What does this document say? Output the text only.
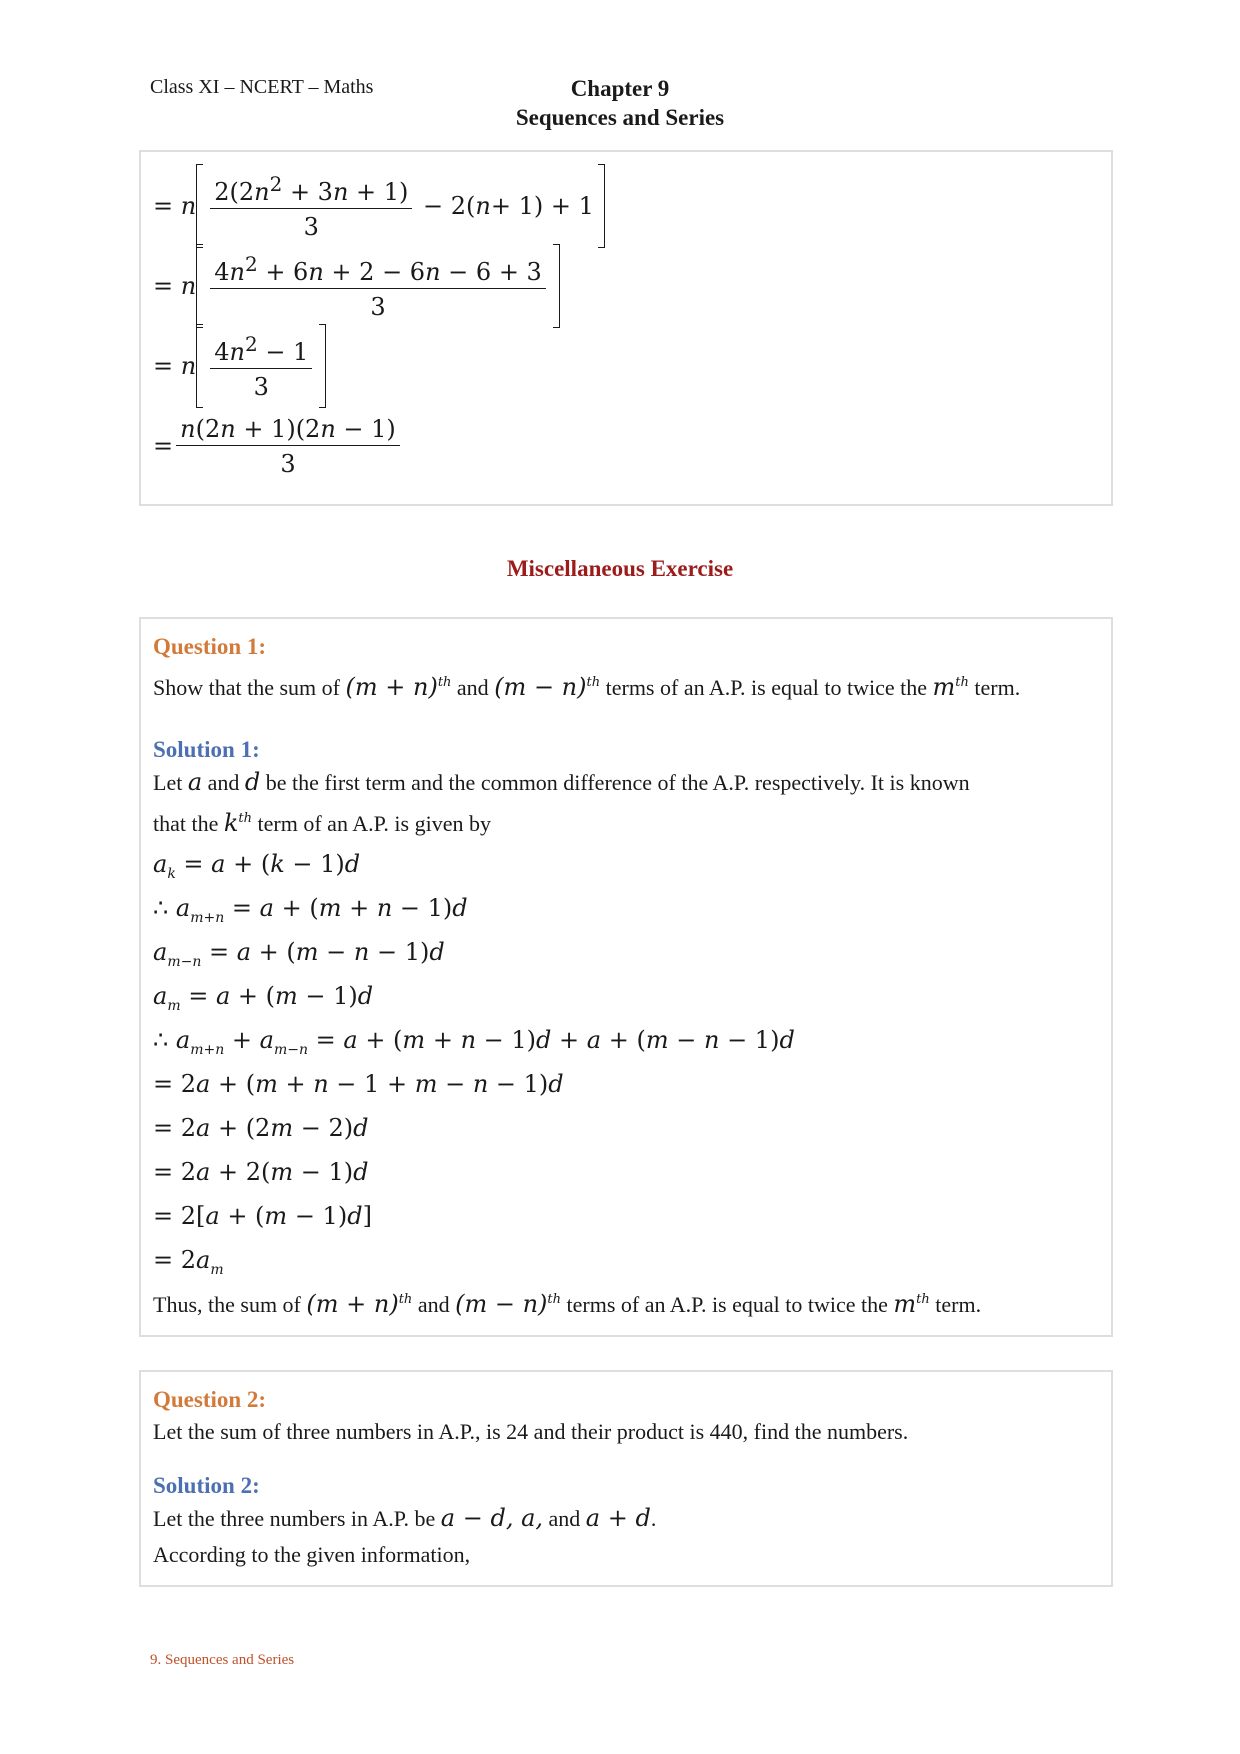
Class XI – NCERT – Maths	Chapter 9
Sequences and Series
= n $\frac{2(2n^2 + 3n + 1)}{3} - 2$( n + 1) + 1
= n $\frac{4n^2 + 6n + 2 - 6n - 6 + 3}{3}$
= n $\frac{4n^2 - 1}{3}$
= $\frac{n(2n + 1)(2n - 1)}{3}$
Miscellaneous Exercise

Question 1:

Show that the sum of $(m + n)^{th}$ and $(m - n)^{th}$ terms of an A.P. is equal to twice the $m^{th}$ term.

Solution 1:

Let a and d be the first term and the common difference of the A.P. respectively. It is known

that the $k^{th}$ term of an A.P. is given by

$a_k = a + (k - 1)d$
∴ $a_{m+n} = a + (m + n - 1)d$
$a_{m-n} = a + (m - n - 1)d$
$a_m = a + (m - 1)d$
∴ $a_{m+n} + a_{m-n} = a + (m + n - 1)d + a + (m - n - 1)d$
= 2a + (m + n − 1 + m − n − 1)d
= 2a + (2m − 2)d
= 2a + 2(m − 1)d
= 2[a + (m − 1)d]
= $2a_m$

Thus, the sum of $(m + n)^{th}$ and $(m - n)^{th}$ terms of an A.P. is equal to twice the $m^{th}$ term.

Question 2:

Let the sum of three numbers in A.P., is 24 and their product is 440, find the numbers.

Solution 2:

Let the three numbers in A.P. be a − d, a, and a + d.

According to the given information,

9. Sequences and Series
